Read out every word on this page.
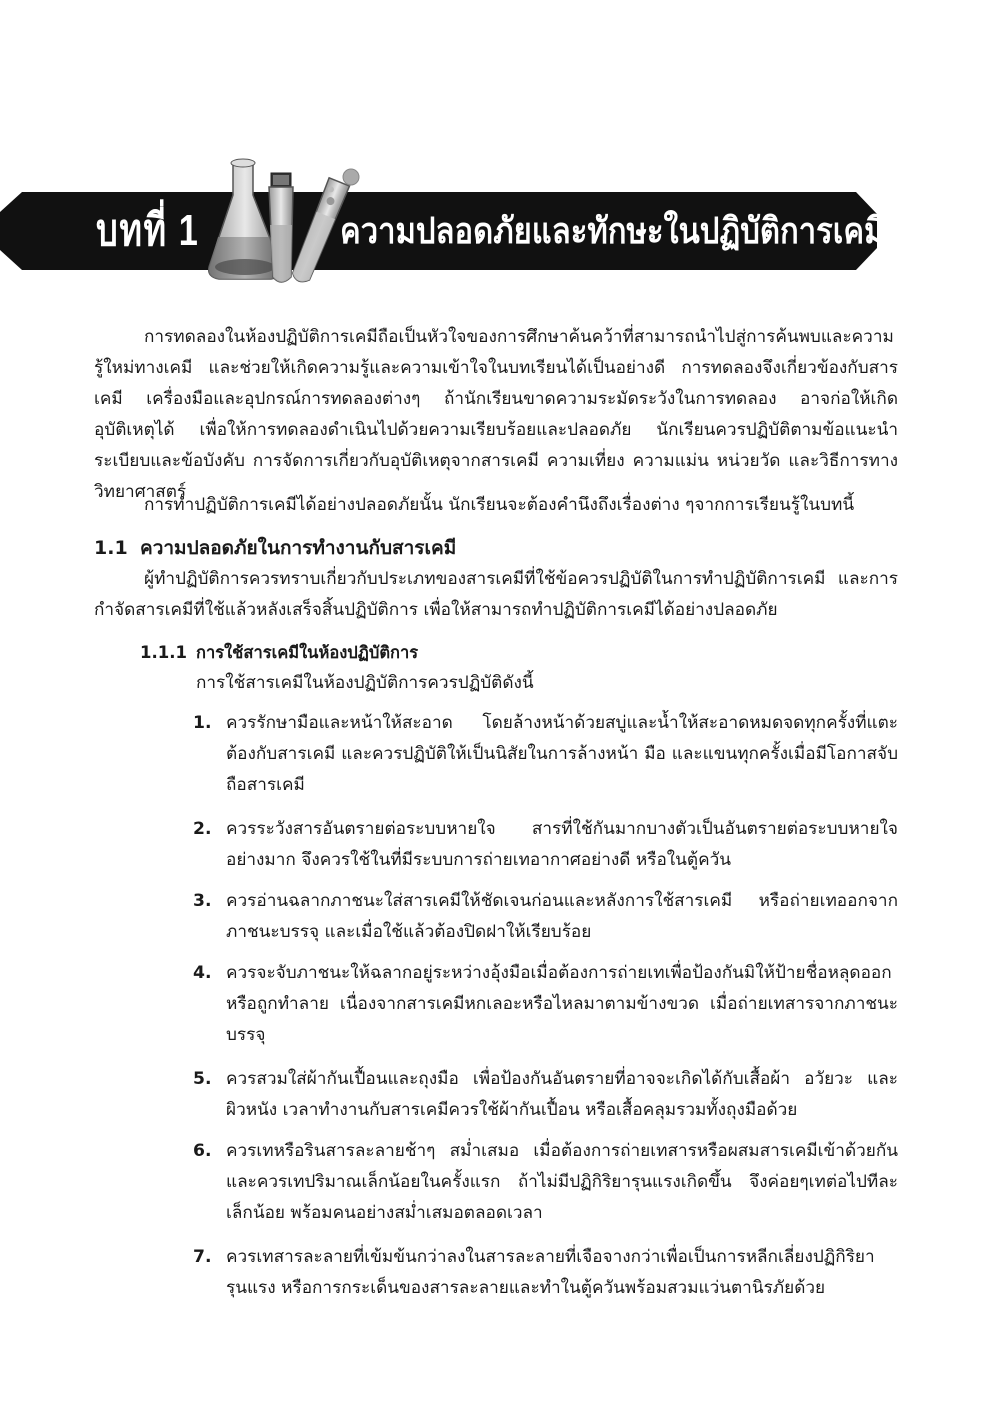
บทที่ 1	ความปลอดภัยและทักษะในปฏิบัติการเคมี

การทดลองในห้องปฏิบัติการเคมีถือเป็นหัวใจของการศึกษาค้นคว้าที่สามารถนำไปสู่การค้นพบและความรู้ใหม่ทางเคมี และช่วยให้เกิดความรู้และความเข้าใจในบทเรียนได้เป็นอย่างดี การทดลองจึงเกี่ยวข้องกับสารเคมี เครื่องมือและอุปกรณ์การทดลองต่างๆ ถ้านักเรียนขาดความระมัดระวังในการทดลอง อาจก่อให้เกิดอุบัติเหตุได้ เพื่อให้การทดลองดำเนินไปด้วยความเรียบร้อยและปลอดภัย นักเรียนควรปฏิบัติตามข้อแนะนำระเบียบและข้อบังคับ การจัดการเกี่ยวกับอุบัติเหตุจากสารเคมี ความเที่ยง ความแม่น หน่วยวัด และวิธีการทางวิทยาศาสตร์

การทำปฏิบัติการเคมีได้อย่างปลอดภัยนั้น นักเรียนจะต้องคำนึงถึงเรื่องต่าง ๆจากการเรียนรู้ในบทนี้

1.1 ความปลอดภัยในการทำงานกับสารเคมี

ผู้ทำปฏิบัติการควรทราบเกี่ยวกับประเภทของสารเคมีที่ใช้ข้อควรปฏิบัติในการทำปฏิบัติการเคมี และการกำจัดสารเคมีที่ใช้แล้วหลังเสร็จสิ้นปฏิบัติการ เพื่อให้สามารถทำปฏิบัติการเคมีได้อย่างปลอดภัย

1.1.1 การใช้สารเคมีในห้องปฏิบัติการ

การใช้สารเคมีในห้องปฏิบัติการควรปฏิบัติดังนี้

1. ควรรักษามือและหน้าให้สะอาด โดยล้างหน้าด้วยสบู่และน้ำให้สะอาดหมดจดทุกครั้งที่แตะต้องกับสารเคมี และควรปฏิบัติให้เป็นนิสัยในการล้างหน้า มือ และแขนทุกครั้งเมื่อมีโอกาสจับถือสารเคมี
2. ควรระวังสารอันตรายต่อระบบหายใจ สารที่ใช้กันมากบางตัวเป็นอันตรายต่อระบบหายใจอย่างมาก จึงควรใช้ในที่มีระบบการถ่ายเทอากาศอย่างดี หรือในตู้ควัน
3. ควรอ่านฉลากภาชนะใส่สารเคมีให้ชัดเจนก่อนและหลังการใช้สารเคมี หรือถ่ายเทออกจากภาชนะบรรจุ และเมื่อใช้แล้วต้องปิดฝาให้เรียบร้อย
4. ควรจะจับภาชนะให้ฉลากอยู่ระหว่างอุ้งมือเมื่อต้องการถ่ายเทเพื่อป้องกันมิให้ป้ายชื่อหลุดออกหรือถูกทำลาย เนื่องจากสารเคมีหกเลอะหรือไหลมาตามข้างขวด เมื่อถ่ายเทสารจากภาชนะบรรจุ
5. ควรสวมใส่ผ้ากันเปื้อนและถุงมือ เพื่อป้องกันอันตรายที่อาจจะเกิดได้กับเสื้อผ้า อวัยวะ และผิวหนัง เวลาทำงานกับสารเคมีควรใช้ผ้ากันเปื้อน หรือเสื้อคลุมรวมทั้งถุงมือด้วย
6. ควรเทหรือรินสารละลายช้าๆ สม่ำเสมอ เมื่อต้องการถ่ายเทสารหรือผสมสารเคมีเข้าด้วยกัน และควรเทปริมาณเล็กน้อยในครั้งแรก ถ้าไม่มีปฏิกิริยารุนแรงเกิดขึ้น จึงค่อยๆเทต่อไปทีละเล็กน้อย พร้อมคนอย่างสม่ำเสมอตลอดเวลา
7. ควรเทสารละลายที่เข้มข้นกว่าลงในสารละลายที่เจือจางกว่าเพื่อเป็นการหลีกเลี่ยงปฏิกิริยารุนแรง หรือการกระเด็นของสารละลายและทำในตู้ควันพร้อมสวมแว่นตานิรภัยด้วย
